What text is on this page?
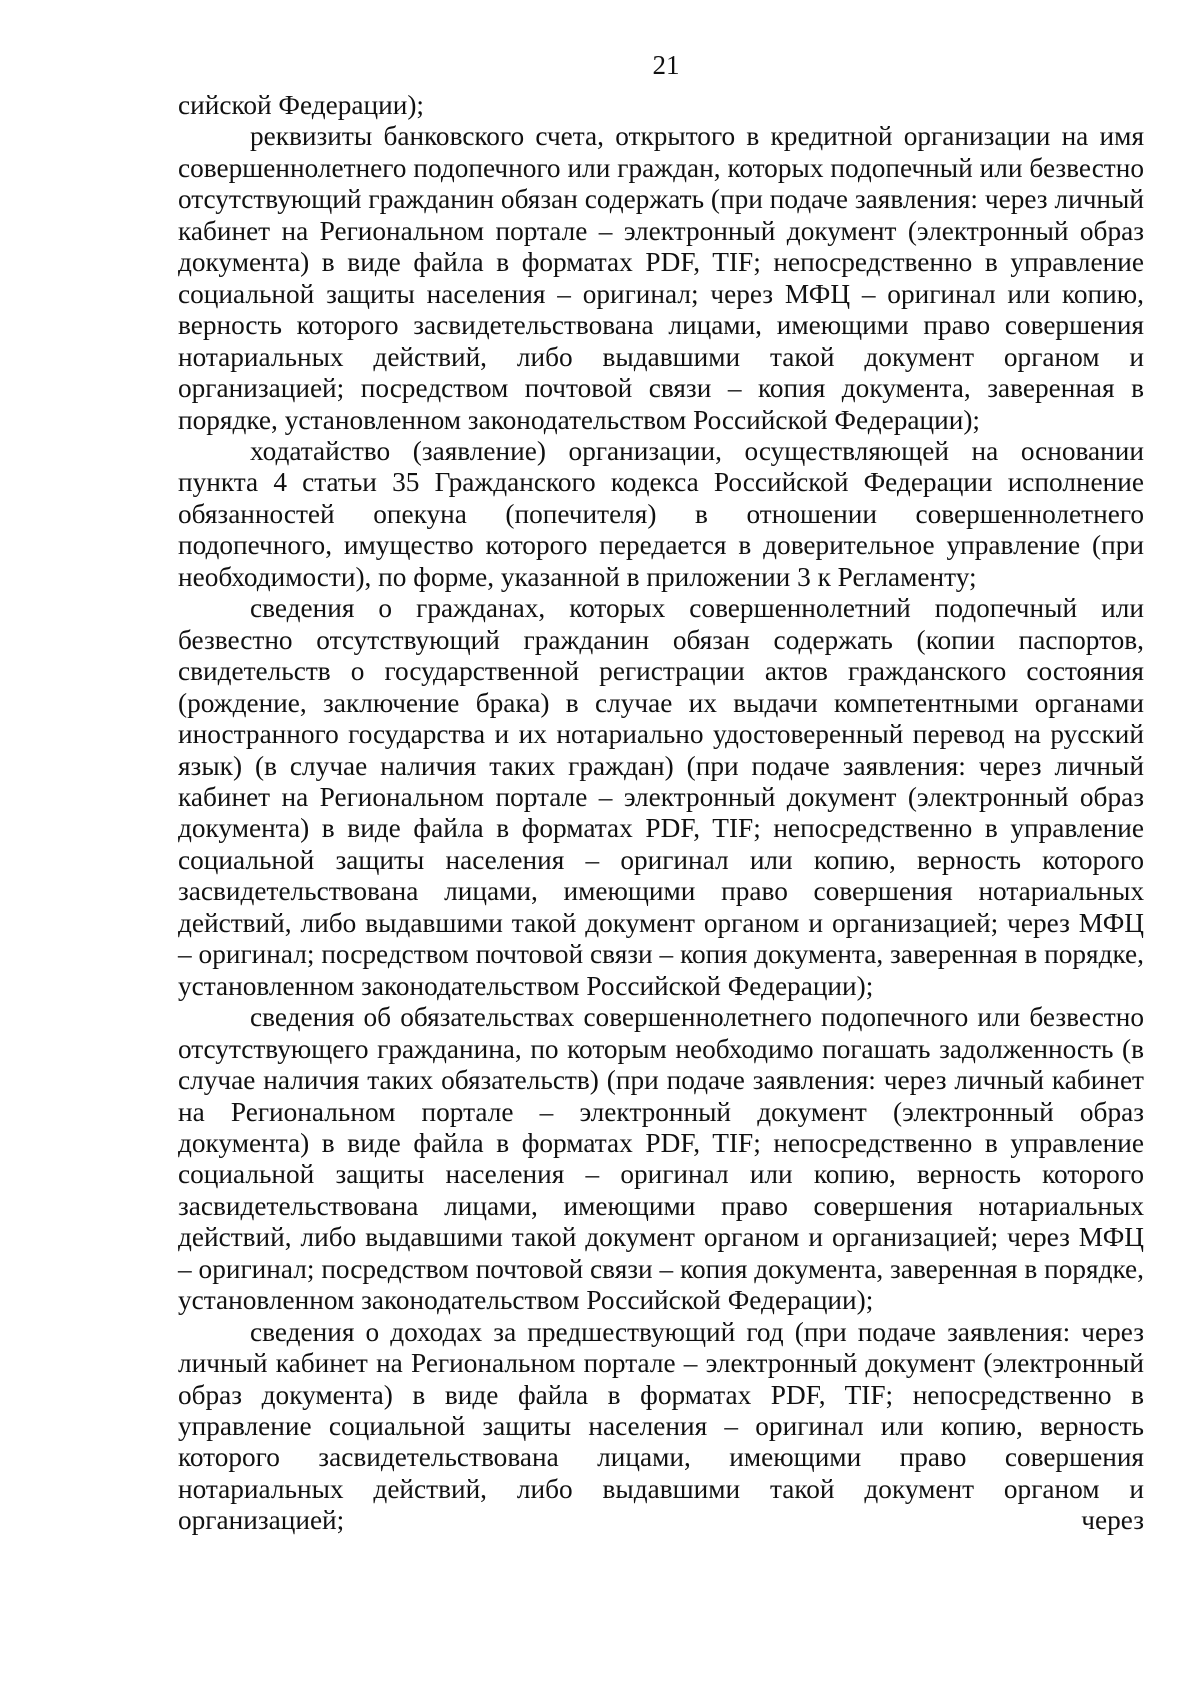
21

сийской Федерации);

реквизиты банковского счета, открытого в кредитной организации на имя совершеннолетнего подопечного или граждан, которых подопечный или безвестно отсутствующий гражданин обязан содержать (при подаче заявления: через личный кабинет на Региональном портале – электронный документ (электронный образ документа) в виде файла в форматах PDF, TIF; непосредственно в управление социальной защиты населения – оригинал; через МФЦ – оригинал или копию, верность которого засвидетельствована лицами, имеющими право совершения нотариальных действий, либо выдавшими такой документ органом и организацией; посредством почтовой связи – копия документа, заверенная в порядке, установленном законодательством Российской Федерации);

ходатайство (заявление) организации, осуществляющей на основании пункта 4 статьи 35 Гражданского кодекса Российской Федерации исполнение обязанностей опекуна (попечителя) в отношении совершеннолетнего подопечного, имущество которого передается в доверительное управление (при необходимости), по форме, указанной в приложении 3 к Регламенту;

сведения о гражданах, которых совершеннолетний подопечный или безвестно отсутствующий гражданин обязан содержать (копии паспортов, свидетельств о государственной регистрации актов гражданского состояния (рождение, заключение брака) в случае их выдачи компетентными органами иностранного государства и их нотариально удостоверенный перевод на русский язык) (в случае наличия таких граждан) (при подаче заявления: через личный кабинет на Региональном портале – электронный документ (электронный образ документа) в виде файла в форматах PDF, TIF; непосредственно в управление социальной защиты населения – оригинал или копию, верность которого засвидетельствована лицами, имеющими право совершения нотариальных действий, либо выдавшими такой документ органом и организацией; через МФЦ – оригинал; посредством почтовой связи – копия документа, заверенная в порядке, установленном законодательством Российской Федерации);

сведения об обязательствах совершеннолетнего подопечного или безвестно отсутствующего гражданина, по которым необходимо погашать задолженность (в случае наличия таких обязательств) (при подаче заявления: через личный кабинет на Региональном портале – электронный документ (электронный образ документа) в виде файла в форматах PDF, TIF; непосредственно в управление социальной защиты населения – оригинал или копию, верность которого засвидетельствована лицами, имеющими право совершения нотариальных действий, либо выдавшими такой документ органом и организацией; через МФЦ – оригинал; посредством почтовой связи – копия документа, заверенная в порядке, установленном законодательством Российской Федерации);

сведения о доходах за предшествующий год (при подаче заявления: через личный кабинет на Региональном портале – электронный документ (электронный образ документа) в виде файла в форматах PDF, TIF; непосредственно в управление социальной защиты населения – оригинал или копию, верность которого засвидетельствована лицами, имеющими право совершения нотариальных действий, либо выдавшими такой документ органом и организацией; через
